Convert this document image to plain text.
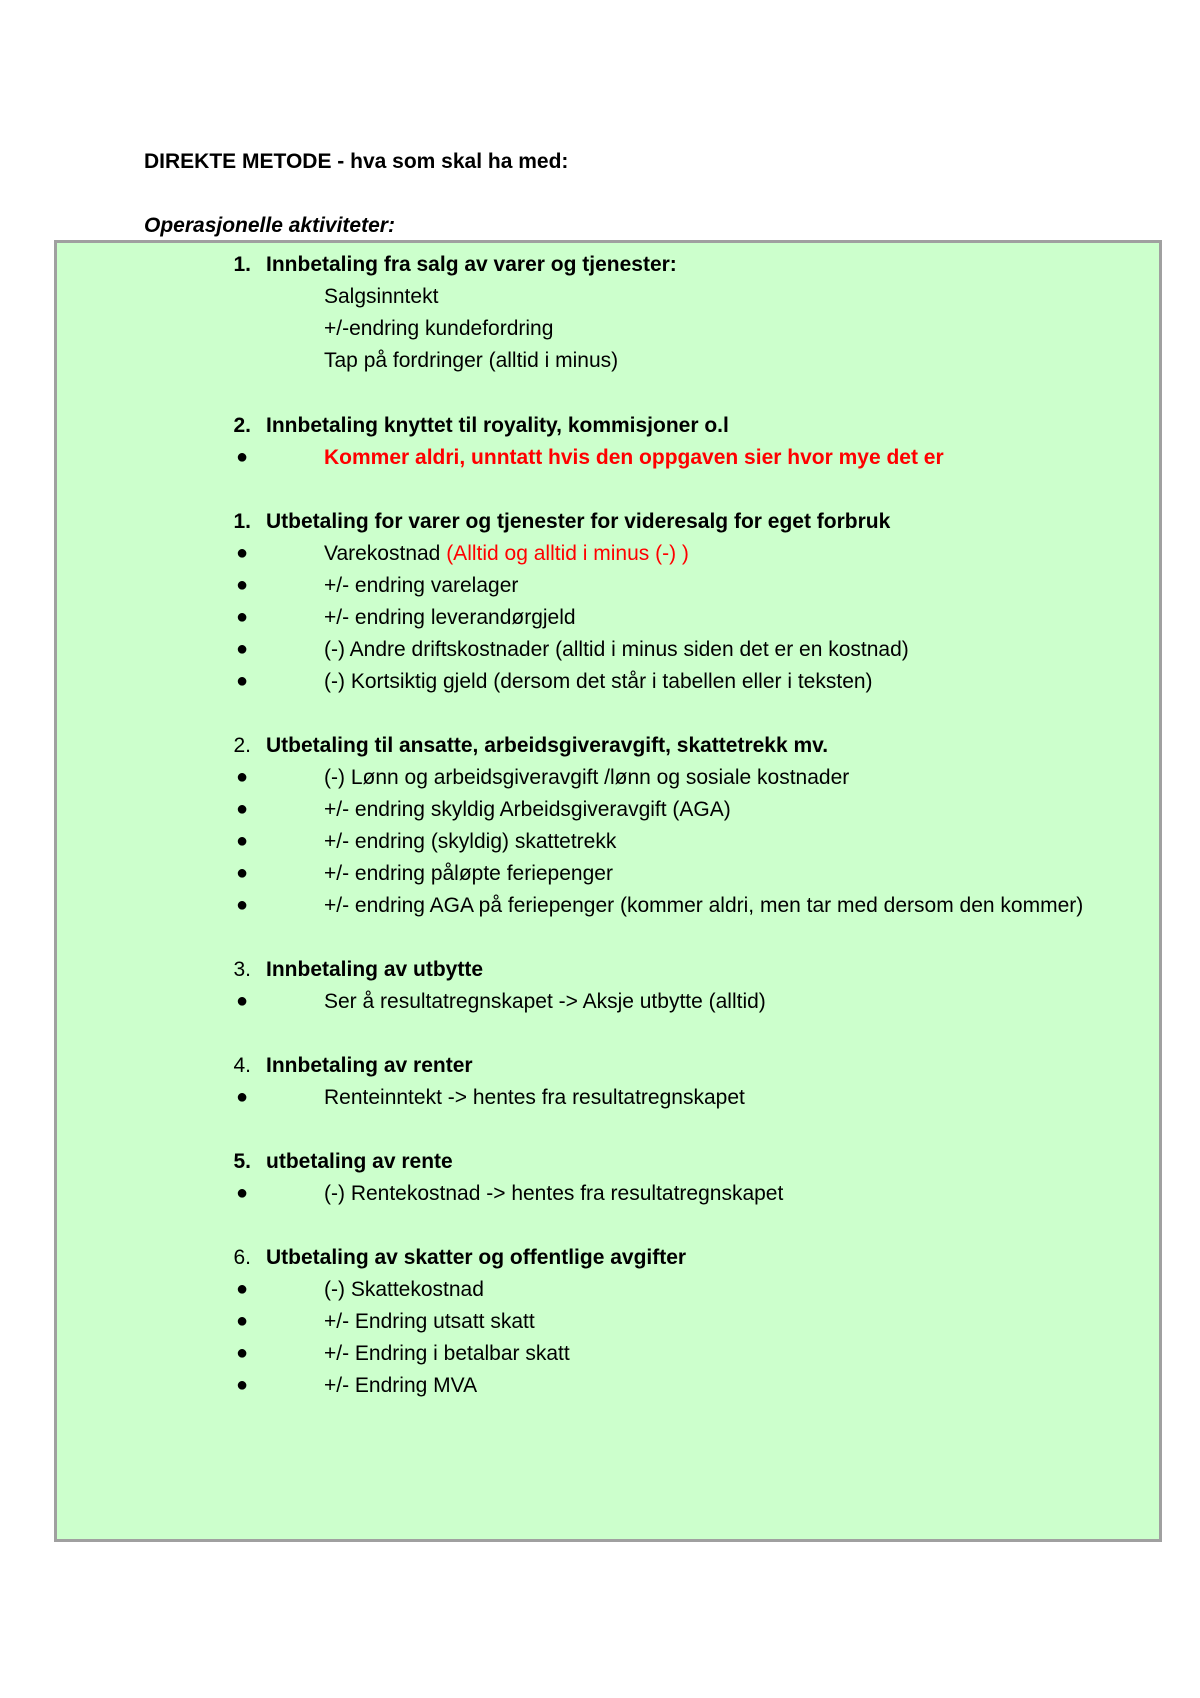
DIREKTE METODE - hva som skal ha med:
Operasjonelle aktiviteter:
1. Innbetaling fra salg av varer og tjenester:
Salgsinntekt
+/-endring kundefordring
Tap på fordringer (alltid i minus)
2. Innbetaling knyttet til royality, kommisjoner o.l
●	Kommer aldri, unntatt hvis den oppgaven sier hvor mye det er
1. Utbetaling for varer og tjenester for videresalg for eget forbruk
●	Varekostnad (Alltid og alltid i minus (-) )
●	+/- endring varelager
●	+/- endring leverandørgjeld
●	(-) Andre driftskostnader (alltid i minus siden det er en kostnad)
●	(-) Kortsiktig gjeld (dersom det står i tabellen eller i teksten)
2. Utbetaling til ansatte, arbeidsgiveravgift, skattetrekk mv.
●	(-) Lønn og arbeidsgiveravgift /lønn og sosiale kostnader
●	+/- endring skyldig Arbeidsgiveravgift (AGA)
●	+/- endring (skyldig) skattetrekk
●	+/- endring påløpte feriepenger
●	+/- endring AGA på feriepenger (kommer aldri, men tar med dersom den kommer)
3. Innbetaling av utbytte
●	Ser å resultatregnskapet -> Aksje utbytte (alltid)
4. Innbetaling av renter
●	Renteinntekt -> hentes fra resultatregnskapet
5. utbetaling av rente
●	(-) Rentekostnad -> hentes fra resultatregnskapet
6. Utbetaling av skatter og offentlige avgifter
●	(-) Skattekostnad
●	+/- Endring utsatt skatt
●	+/- Endring i betalbar skatt
●	+/- Endring MVA
